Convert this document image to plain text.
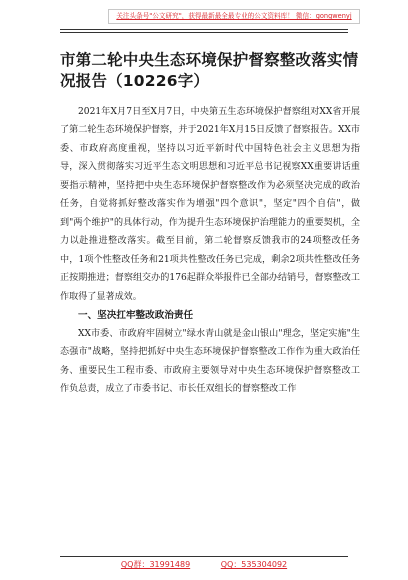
关注头条号"公文研究"，获得最新最全最专业的公文资料库！ 微信：gongwenyj
市第二轮中央生态环境保护督察整改落实情况报告（10226字）

2021年X月7日至X月7日，中央第五生态环境保护督察组对XX省开展了第二轮生态环境保护督察，并于2021年X月15日反馈了督察报告。XX市委、市政府高度重视，坚持以习近平新时代中国特色社会主义思想为指导，深入贯彻落实习近平生态文明思想和习近平总书记视察XX重要讲话重要指示精神，坚持把中央生态环境保护督察整改作为必须坚决完成的政治任务，自觉将抓好整改落实作为增强"四个意识"，坚定"四个自信"，做到"两个维护"的具体行动，作为提升生态环境保护治理能力的重要契机，全力以赴推进整改落实。截至目前，第二轮督察反馈我市的24项整改任务中，1项个性整改任务和21项共性整改任务已完成，剩余2项共性整改任务正按期推进；督察组交办的176起群众举报件已全部办结销号，督察整改工作取得了显著成效。

一、坚决扛牢整改政治责任

XX市委、市政府牢固树立"绿水青山就是金山银山"理念，坚定实施"生态强市"战略，坚持把抓好中央生态环境保护督察整改工作作为重大政治任务、重要民生工程市委、市政府主要领导对中央生态环境保护督察整改工作负总责，成立了市委书记、市长任双组长的督察整改工作

QQ群：31991489	QQ：535304092
